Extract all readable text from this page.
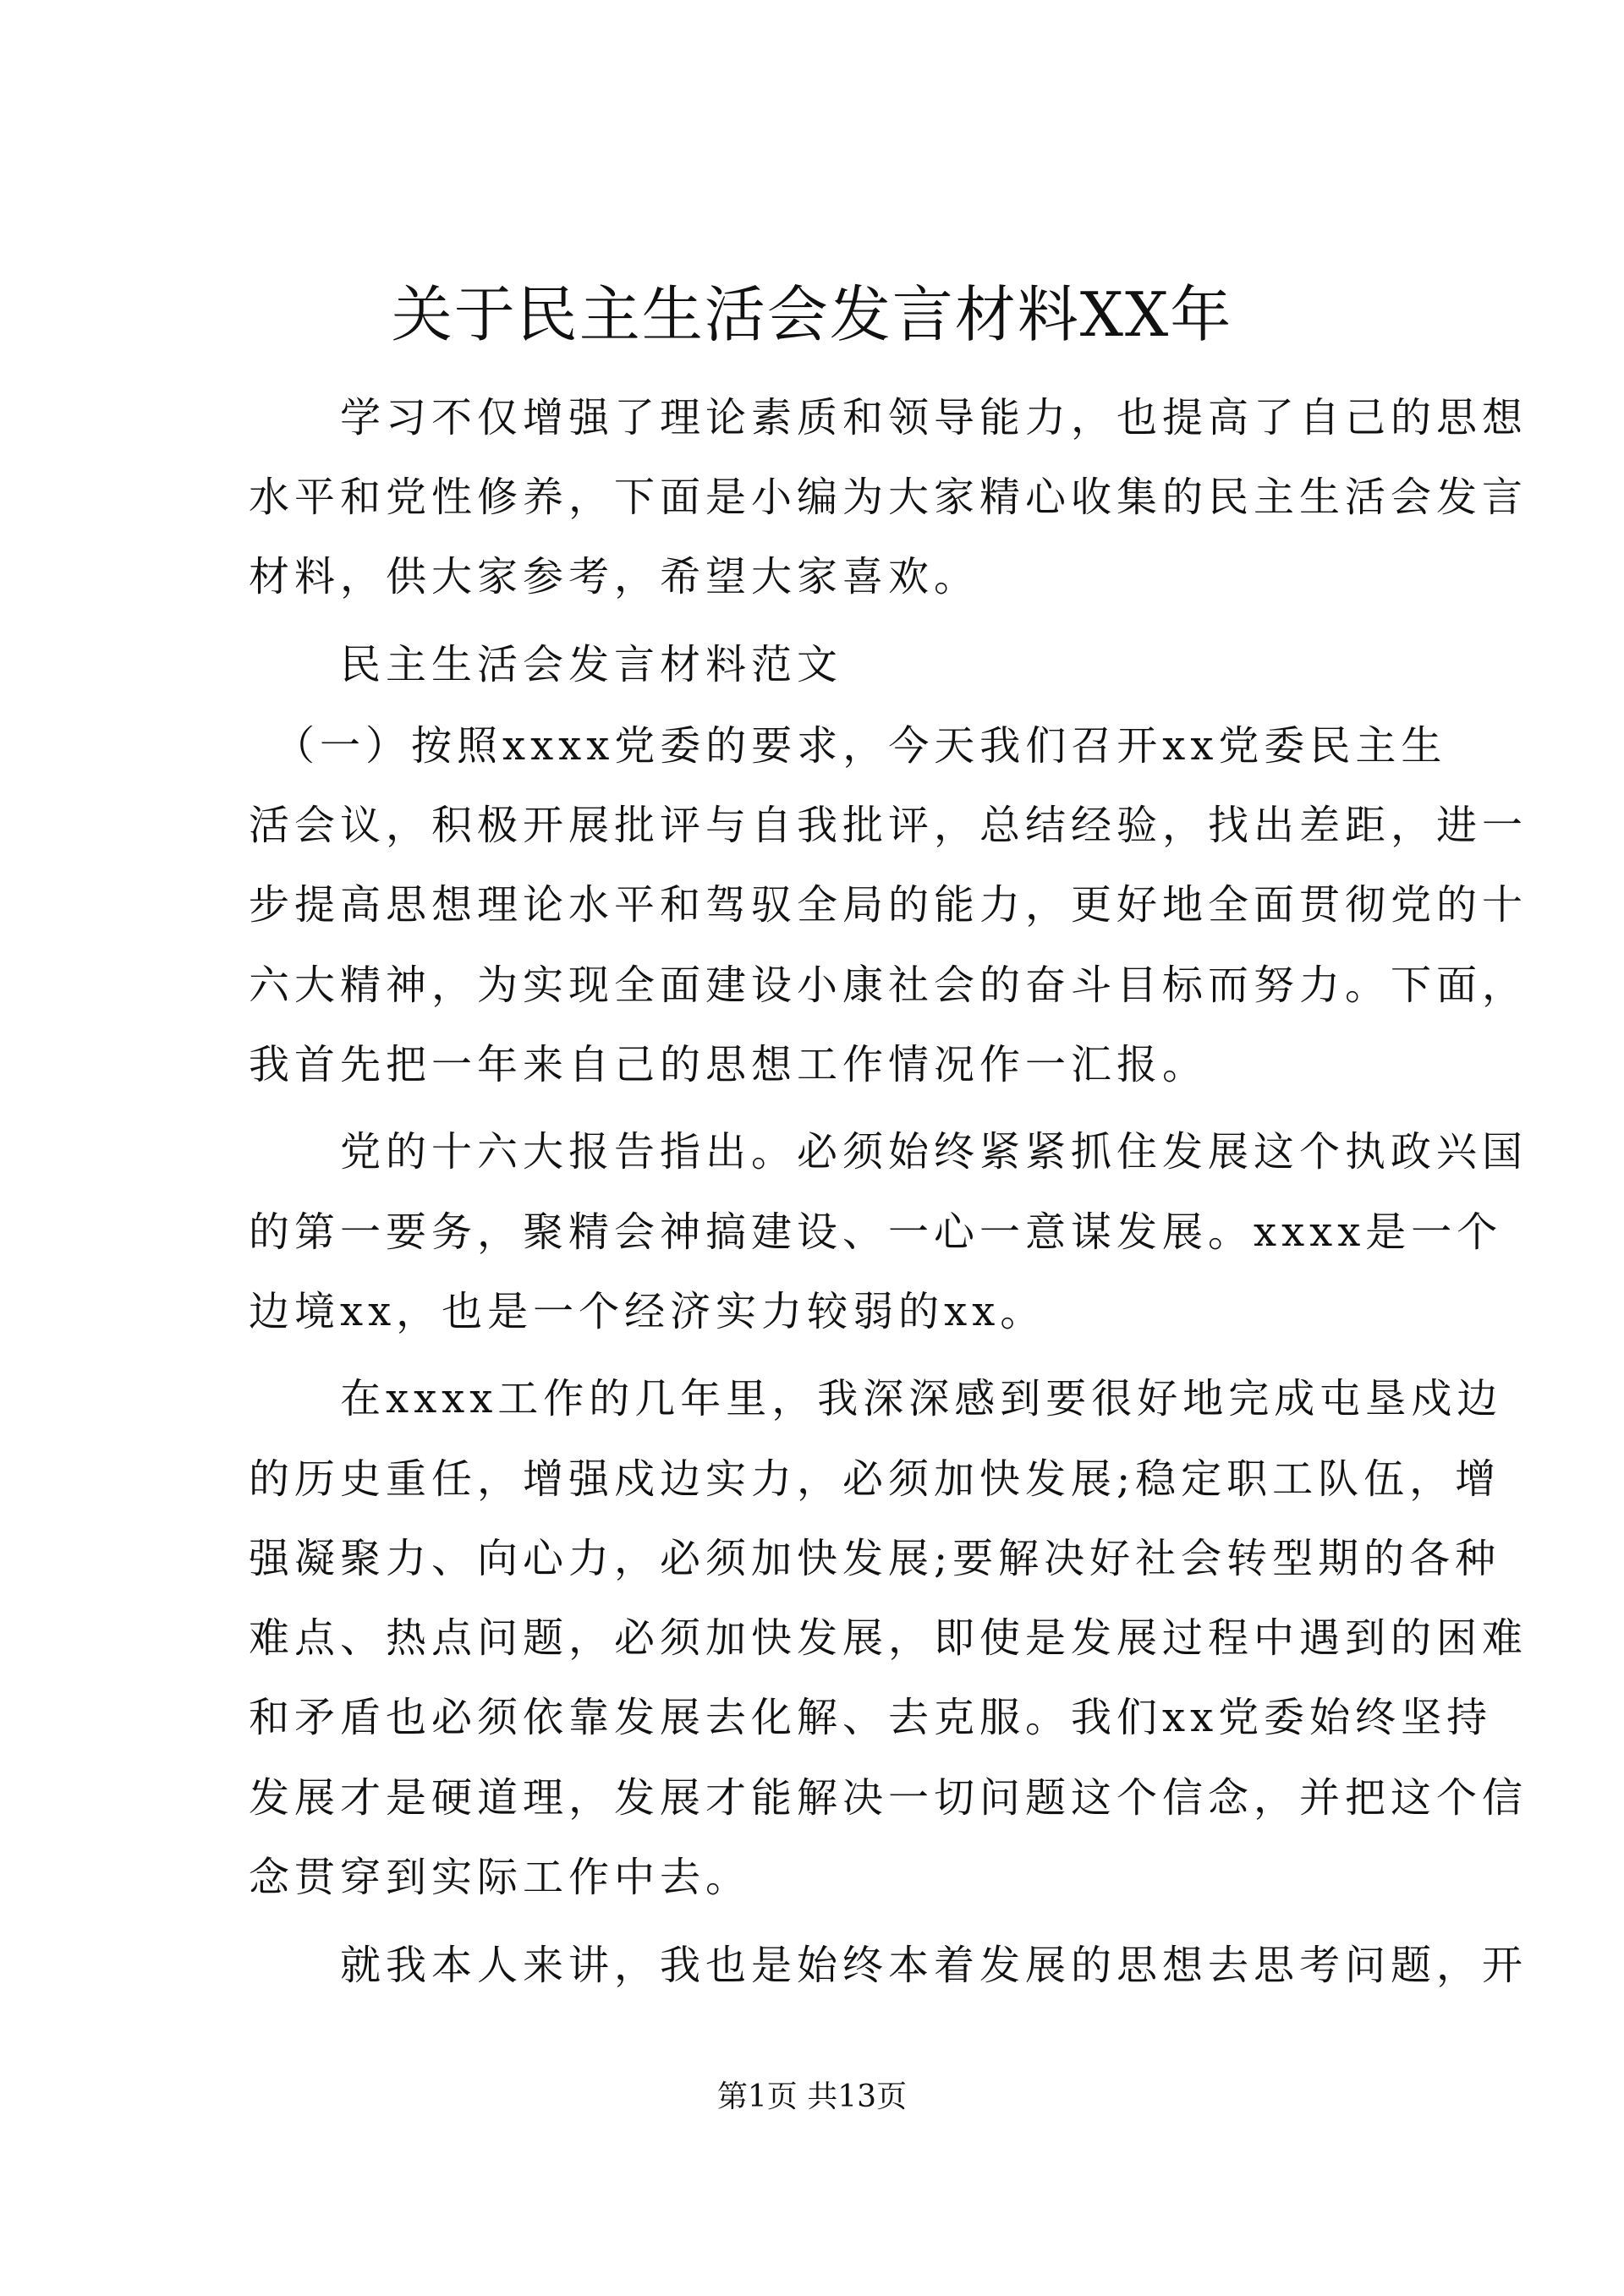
关于民主生活会发言材料XX年
　　学习不仅增强了理论素质和领导能力，也提高了自己的思想
水平和党性修养，下面是小编为大家精心收集的民主生活会发言
材料，供大家参考，希望大家喜欢。
　　民主生活会发言材料范文
　（一）按照xxxx党委的要求，今天我们召开xx党委民主生
活会议，积极开展批评与自我批评，总结经验，找出差距，进一
步提高思想理论水平和驾驭全局的能力，更好地全面贯彻党的十
六大精神，为实现全面建设小康社会的奋斗目标而努力。下面，
我首先把一年来自己的思想工作情况作一汇报。
　　党的十六大报告指出。必须始终紧紧抓住发展这个执政兴国
的第一要务，聚精会神搞建设、一心一意谋发展。xxxx是一个
边境xx，也是一个经济实力较弱的xx。
　　在xxxx工作的几年里，我深深感到要很好地完成屯垦戍边
的历史重任，增强戍边实力，必须加快发展;稳定职工队伍，增
强凝聚力、向心力，必须加快发展;要解决好社会转型期的各种
难点、热点问题，必须加快发展，即使是发展过程中遇到的困难
和矛盾也必须依靠发展去化解、去克服。我们xx党委始终坚持
发展才是硬道理，发展才能解决一切问题这个信念，并把这个信
念贯穿到实际工作中去。
　　就我本人来讲，我也是始终本着发展的思想去思考问题，开
第1页 共13页
